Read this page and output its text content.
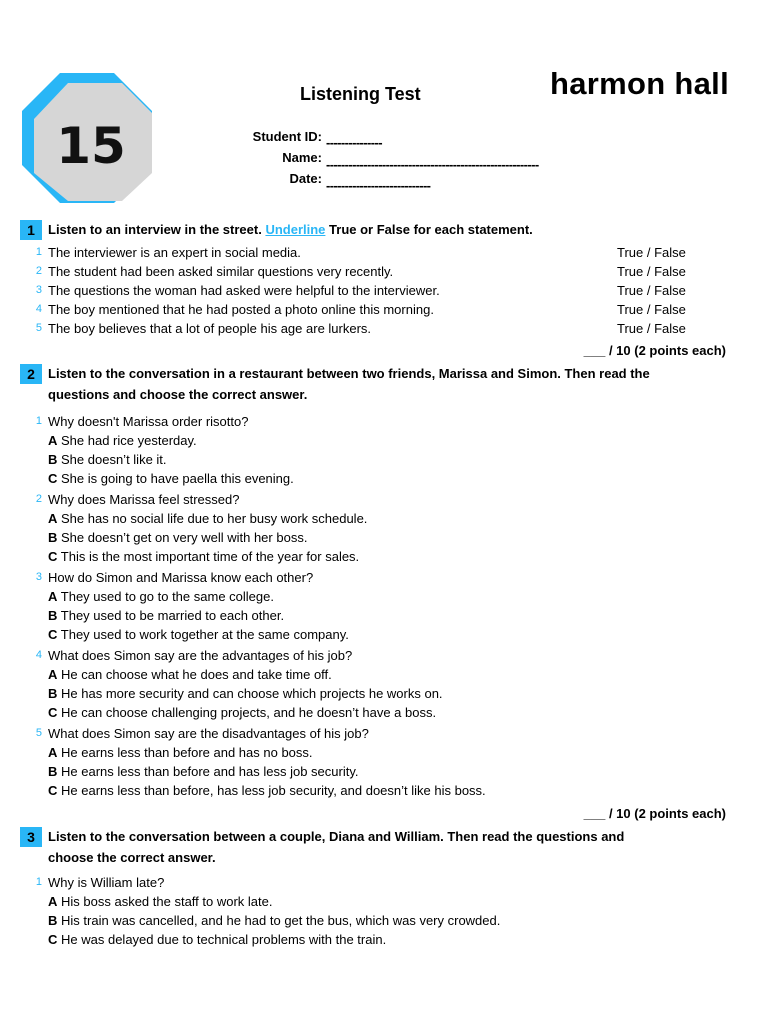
15
Listening Test	harmon hall
Student ID: ---------------
Name: ---------------------------------------------------------
Date: ----------------------------
1	Listen to an interview in the street. Underline True or False for each statement.
1 The interviewer is an expert in social media.	True / False
2 The student had been asked similar questions very recently.	True / False
3 The questions the woman had asked were helpful to the interviewer.	True / False
4 The boy mentioned that he had posted a photo online this morning.	True / False
5 The boy believes that a lot of people his age are lurkers.	True / False
___ / 10 (2 points each)
2	Listen to the conversation in a restaurant between two friends, Marissa and Simon. Then read the
questions and choose the correct answer.
1 Why doesn't Marissa order risotto?
A She had rice yesterday.
B She doesn’t like it.
C She is going to have paella this evening.
2 Why does Marissa feel stressed?
A She has no social life due to her busy work schedule.
B She doesn’t get on very well with her boss.
C This is the most important time of the year for sales.
3 How do Simon and Marissa know each other?
A They used to go to the same college.
B They used to be married to each other.
C They used to work together at the same company.
4 What does Simon say are the advantages of his job?
A He can choose what he does and take time off.
B He has more security and can choose which projects he works on.
C He can choose challenging projects, and he doesn’t have a boss.
5 What does Simon say are the disadvantages of his job?
A He earns less than before and has no boss.
B He earns less than before and has less job security.
C He earns less than before, has less job security, and doesn’t like his boss.
___ / 10 (2 points each)
3	Listen to the conversation between a couple, Diana and William. Then read the questions and
choose the correct answer.
1 Why is William late?
A His boss asked the staff to work late.
B His train was cancelled, and he had to get the bus, which was very crowded.
C He was delayed due to technical problems with the train.
